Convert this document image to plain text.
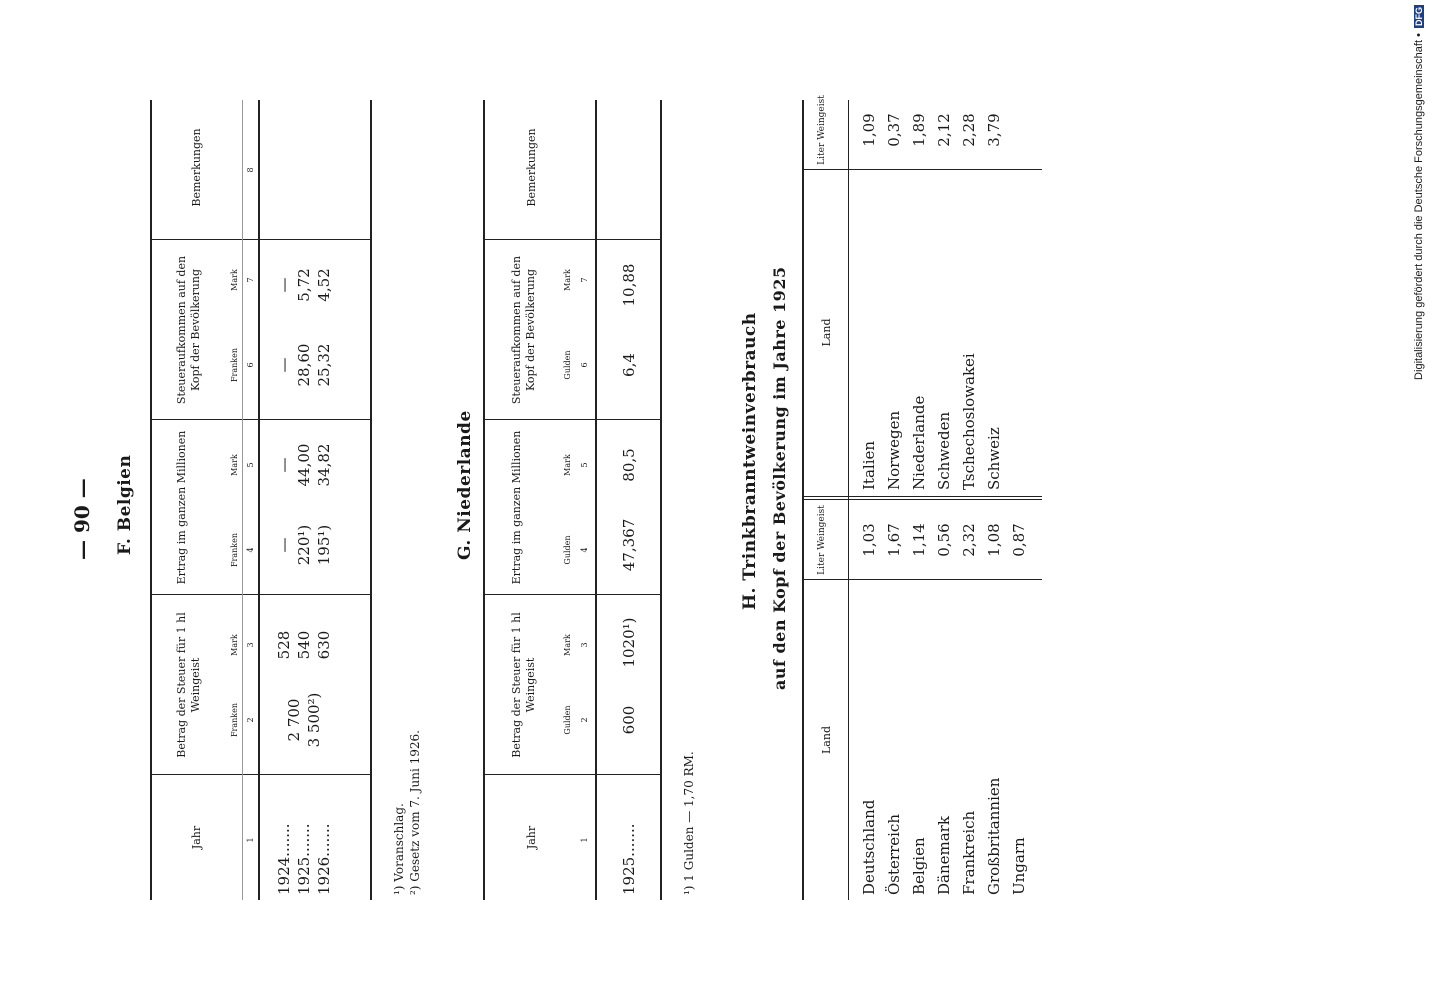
— 90 — F. Belgien
Jahr
Betrag der Steuer für 1 hl Weingeist
Ertrag im ganzen Millionen
Steueraufkommen auf den Kopf der Bevölkerung
Bemerkungen
Franken
Mark
Franken
Mark
Franken
Mark
1
2
3
4
5
6
7
8
1924....... 1925....... 1926.......
2 700 3 500²)
528 540 630
— 220¹) 195¹)
— 44,00 34,82
— 28,60 25,32
— 5,72 4,52
¹) Voranschlag. ²) Gesetz vom 7. Juni 1926.
G. Niederlande
Jahr
Betrag der Steuer für 1 hl Weingeist
Ertrag im ganzen Millionen
Steueraufkommen auf den Kopf der Bevölkerung
Bemerkungen
Gulden
Mark
Gulden
Mark
Gulden
Mark
1
2
3
4
5
6
7
1925.......
600
1020¹)
47,367
80,5
6,4
10,88
¹) 1 Gulden — 1,70 RM.
H. Trinkbranntweinverbrauch auf den Kopf der Bevölkerung im Jahre 1925
Land
Liter Weingeist
Land
Liter Weingeist
Deutschland Österreich Belgien Dänemark Frankreich Großbritannien Ungarn
1,03 1,67 1,14 0,56 2,32 1,08 0,87
Italien Norwegen Niederlande Schweden Tschechoslowakei Schweiz
1,09 0,37 1,89 2,12 2,28 3,79	Digitalisierung gefördert durch die Deutsche Forschungsgemeinschaft • DFG
